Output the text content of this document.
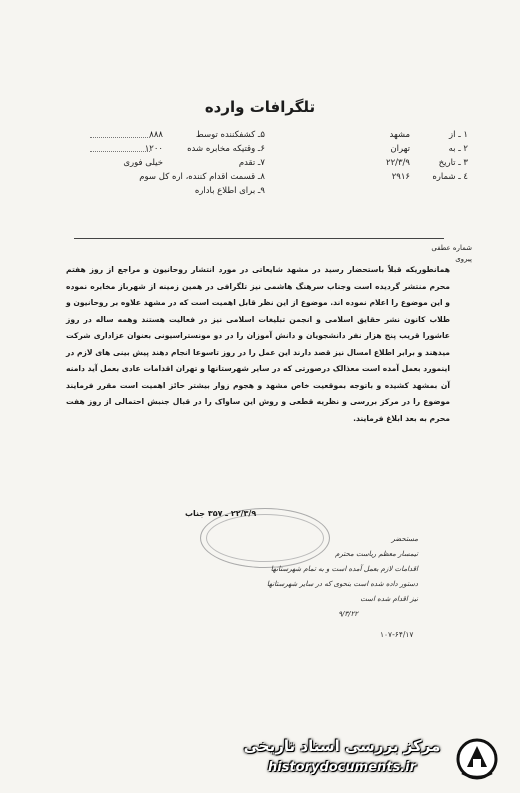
تلگرافات وارده
۱ ـ از
مشهد
۲ ـ به
تهران
۳ ـ تاریخ
۲۲/۳/۹
٤ ـ شماره
۲۹۱۶
۵ـ کشفکننده توسط
۸۸۸
۶ـ وقتیکه مخابره شده
۱۲۰۰
۷ـ تقدم
خیلی فوری
۸ـ قسمت اقدام کننده، اره کل سوم
۹ـ برای اطلاع باداره
شماره عطفی
پیروی
همانطوریکه قبلاً باستحضار رسید در مشهد شایعاتی در مورد انتشار روحانیون و مراجع از روز هفتم محرم منتشر گردیده است وجناب سرهنگ هاشمی نیز تلگرافی در همین زمینه از شهرباز مخابره نموده و این موضوع را اعلام نموده اند. موضوع از این نظر قابل اهمیت است که در مشهد علاوه بر روحانیون و طلاب کانون نشر حقایق اسلامی و انجمن تبلیغات اسلامی نیز در فعالیت هستند وهمه ساله در روز عاشورا قریب پنج هزار نفر دانشجویان و دانش آموزان را در دو مونستراسیونی بعنوان عزاداری شرکت میدهند و برابر اطلاع امسال نیز قصد دارند این عمل را در روز تاسوعا انجام دهند پیش بینی های لازم در اینمورد بعمل آمده است معذالک درصورتی که در سایر شهرستانها و تهران اقدامات عادی بعمل آید دامنه آن بمشهد کشیده و باتوجه بموقعیت خاص مشهد و هجوم زوار بیشتر حائز اهمیت است مقرر فرمایند موضوع را در مرکز بررسی و نظریه قطعی و روش این ساواک را در قبال جنبش احتمالی از روز هفت محرم به بعد ابلاغ فرمایند.
۲۲/۳/۹ ـ ۳۵۷ جناب
مستحضر
تیمسار معظم ریاست محترم
اقدامات لازم بعمل آمده است و به تمام شهرستانها
دستور داده شده است بنحوی که در سایر شهرستانها
نیز اقدام شده است
۹/۳/۲۲
۱۰۷-۶۴/۱۷
مرکز بررسی اسناد تاریخی
historydocuments.ir
